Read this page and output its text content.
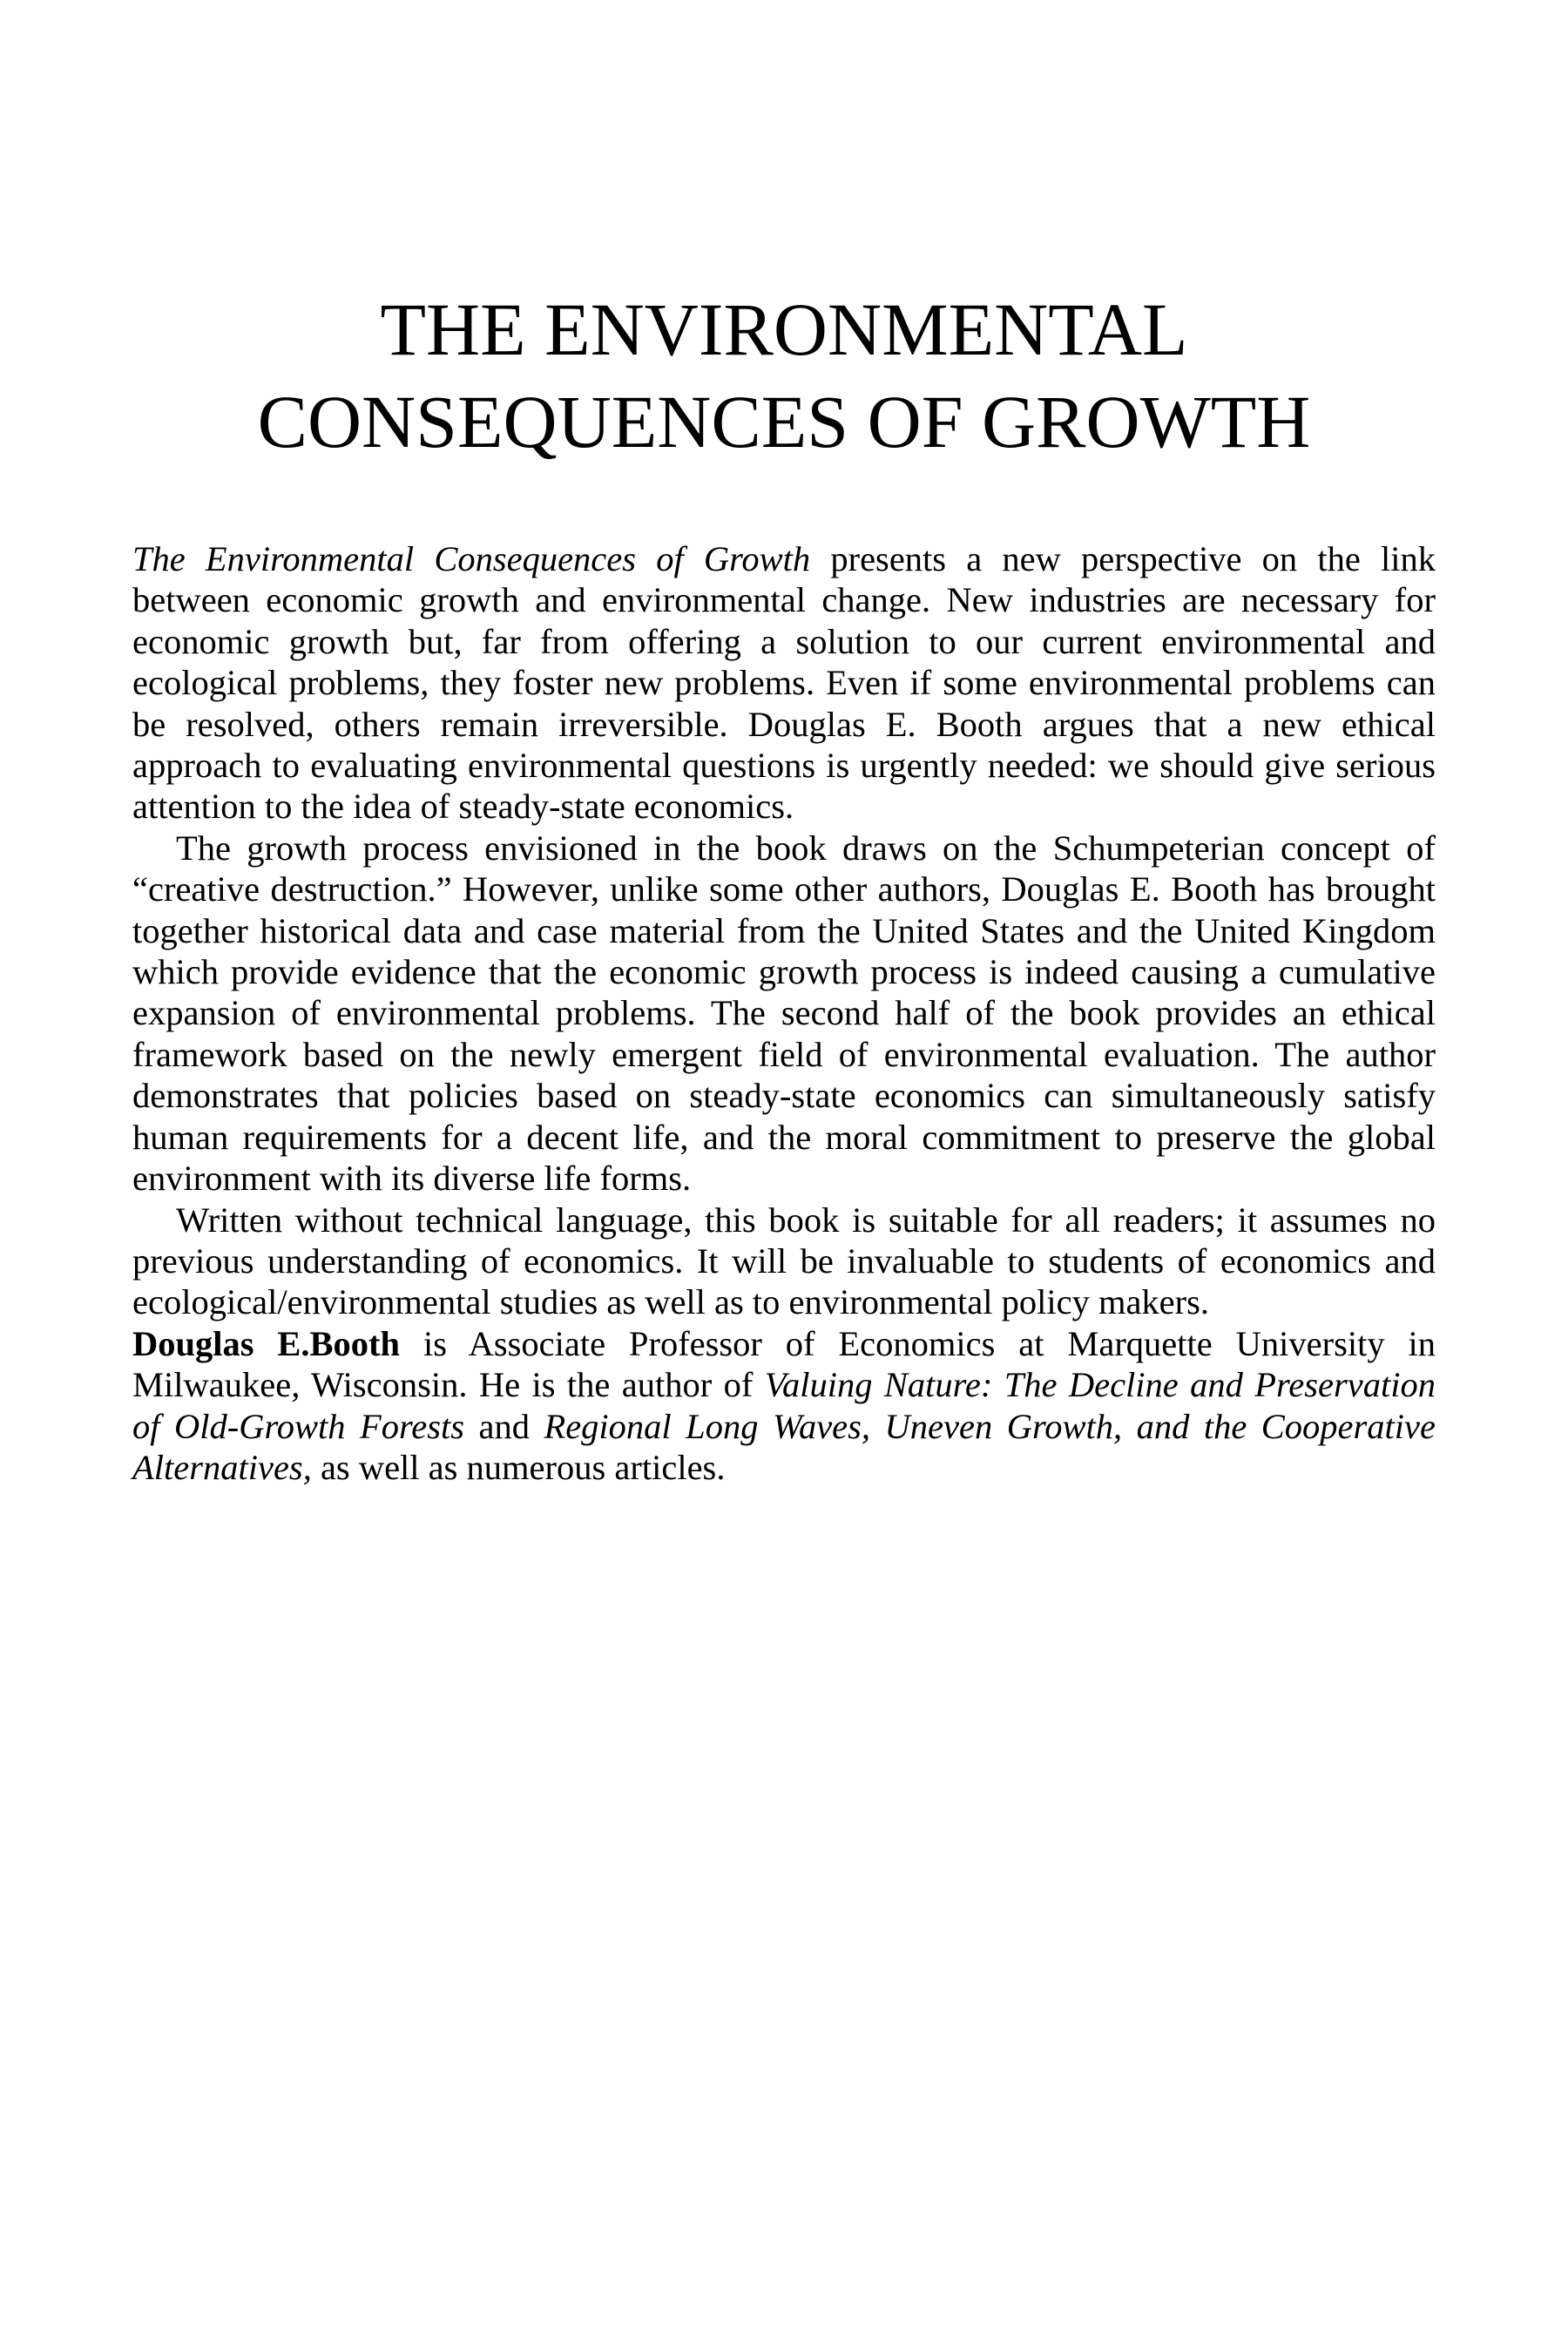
THE ENVIRONMENTAL
CONSEQUENCES OF GROWTH

The Environmental Consequences of Growth presents a new perspective on the link between economic growth and environmental change. New industries are necessary for economic growth but, far from offering a solution to our current environmental and ecological problems, they foster new problems. Even if some environmental problems can be resolved, others remain irreversible. Douglas E. Booth argues that a new ethical approach to evaluating environmental questions is urgently needed: we should give serious attention to the idea of steady-state economics.

The growth process envisioned in the book draws on the Schumpeterian concept of “creative destruction.” However, unlike some other authors, Douglas E. Booth has brought together historical data and case material from the United States and the United Kingdom which provide evidence that the economic growth process is indeed causing a cumulative expansion of environmental problems. The second half of the book provides an ethical framework based on the newly emergent field of environmental evaluation. The author demonstrates that policies based on steady-state economics can simultaneously satisfy human requirements for a decent life, and the moral commitment to preserve the global environment with its diverse life forms.

Written without technical language, this book is suitable for all readers; it assumes no previous understanding of economics. It will be invaluable to students of economics and ecological/environmental studies as well as to environmental policy makers.

Douglas E.Booth is Associate Professor of Economics at Marquette University in Milwaukee, Wisconsin. He is the author of Valuing Nature: The Decline and Preservation of Old-Growth Forests and Regional Long Waves, Uneven Growth, and the Cooperative Alternatives, as well as numerous articles.
